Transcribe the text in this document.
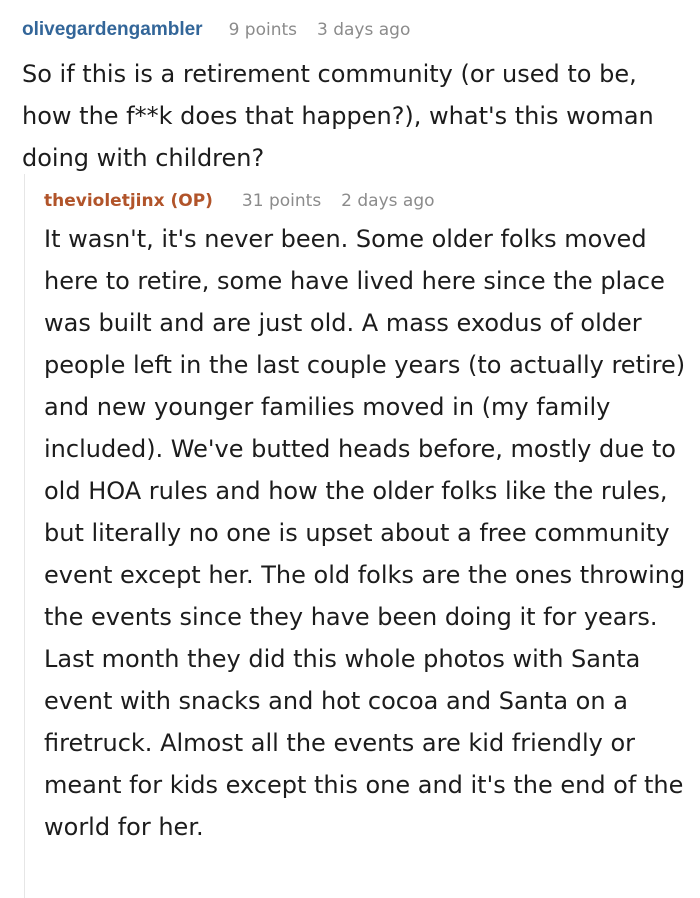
olivegardengambler 9 points 3 days ago

So if this is a retirement community (or used to be, how the f**k does that happen?), what's this woman doing with children?

thevioletjinx (OP) 31 points 2 days ago

It wasn't, it's never been. Some older folks moved here to retire, some have lived here since the place was built and are just old. A mass exodus of older people left in the last couple years (to actually retire) and new younger families moved in (my family included). We've butted heads before, mostly due to old HOA rules and how the older folks like the rules, but literally no one is upset about a free community event except her. The old folks are the ones throwing the events since they have been doing it for years. Last month they did this whole photos with Santa event with snacks and hot cocoa and Santa on a firetruck. Almost all the events are kid friendly or meant for kids except this one and it's the end of the world for her.
